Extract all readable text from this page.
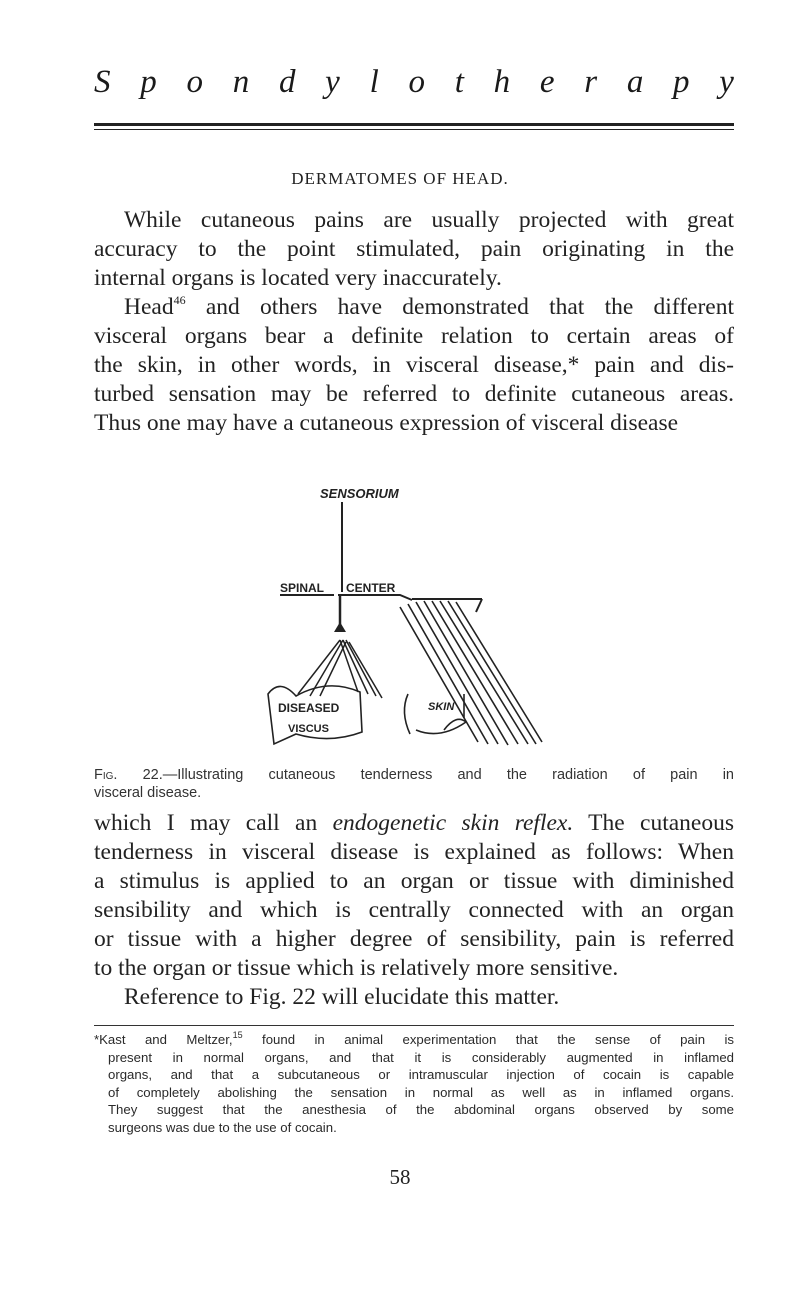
S p o n d y l o t h e r a p y
DERMATOMES OF HEAD.

While cutaneous pains are usually projected with great
accuracy to the point stimulated, pain originating in the
internal organs is located very inaccurately.

Head$^{46}$ and others have demonstrated that the different
visceral organs bear a definite relation to certain areas of
the skin, in other words, in visceral disease,* pain and dis-
turbed sensation may be referred to definite cutaneous areas.
Thus one may have a cutaneous expression of visceral disease

SENSORIUM
SPINAL CENTER
DISEASED
VISCUS
SKIN

Fig. 22.—Illustrating cutaneous tenderness and the radiation of pain in
visceral disease.

which I may call an endogenetic skin reflex. The cutaneous
tenderness in visceral disease is explained as follows: When
a stimulus is applied to an organ or tissue with diminished
sensibility and which is centrally connected with an organ
or tissue with a higher degree of sensibility, pain is referred
to the organ or tissue which is relatively more sensitive.
Reference to Fig. 22 will elucidate this matter.

*Kast and Meltzer,$^{15}$ found in animal experimentation that the sense of pain is
present in normal organs, and that it is considerably augmented in inflamed
organs, and that a subcutaneous or intramuscular injection of cocain is capable
of completely abolishing the sensation in normal as well as in inflamed organs.
They suggest that the anesthesia of the abdominal organs observed by some
surgeons was due to the use of cocain.

58
